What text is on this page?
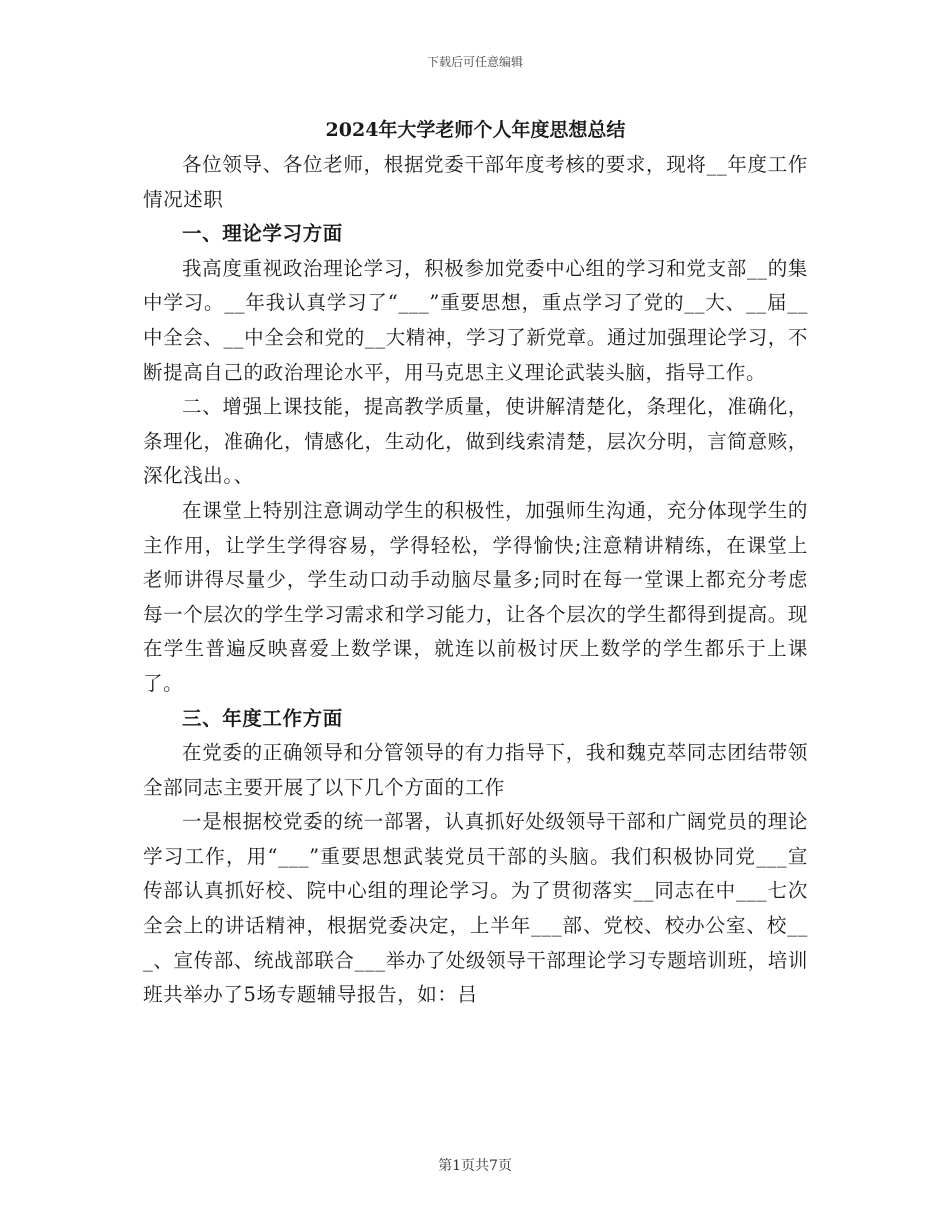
下载后可任意编辑
2024年大学老师个人年度思想总结

各位领导、各位老师，根据党委干部年度考核的要求，现将__年度工作情况述职

一、理论学习方面

我高度重视政治理论学习，积极参加党委中心组的学习和党支部__的集中学习。__年我认真学习了“___”重要思想，重点学习了党的__大、__届__中全会、__中全会和党的__大精神，学习了新党章。通过加强理论学习，不断提高自己的政治理论水平，用马克思主义理论武装头脑，指导工作。

二、增强上课技能，提高教学质量，使讲解清楚化，条理化，准确化，条理化，准确化，情感化，生动化，做到线索清楚，层次分明，言简意赅，深化浅出。、

在课堂上特别注意调动学生的积极性，加强师生沟通，充分体现学生的主作用，让学生学得容易，学得轻松，学得愉快;注意精讲精练，在课堂上老师讲得尽量少，学生动口动手动脑尽量多;同时在每一堂课上都充分考虑每一个层次的学生学习需求和学习能力，让各个层次的学生都得到提高。现在学生普遍反映喜爱上数学课，就连以前极讨厌上数学的学生都乐于上课了。

三、年度工作方面

在党委的正确领导和分管领导的有力指导下，我和魏克萃同志团结带领全部同志主要开展了以下几个方面的工作

一是根据校党委的统一部署，认真抓好处级领导干部和广阔党员的理论学习工作，用“___”重要思想武装党员干部的头脑。我们积极协同党___宣传部认真抓好校、院中心组的理论学习。为了贯彻落实__同志在中___七次全会上的讲话精神，根据党委决定，上半年___部、党校、校办公室、校___、宣传部、统战部联合___举办了处级领导干部理论学习专题培训班，培训班共举办了5场专题辅导报告，如：吕

第1页共7页
